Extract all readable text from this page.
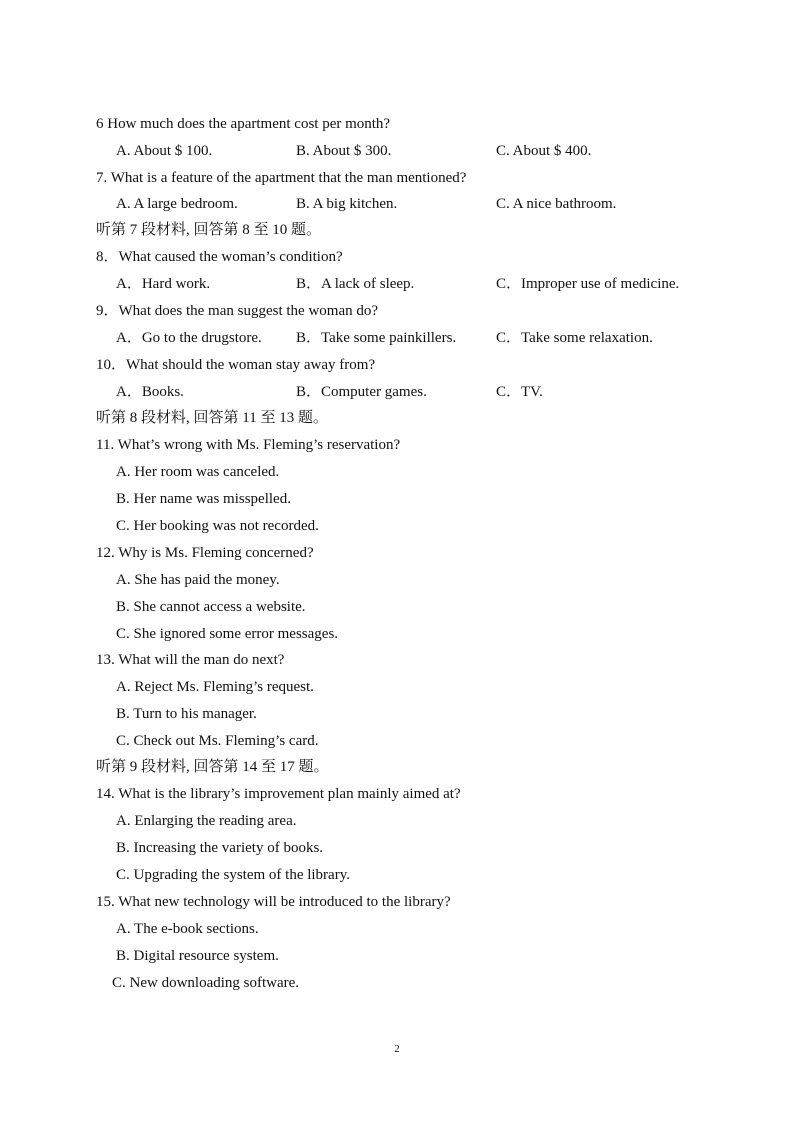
6 How much does the apartment cost per month?
A. About $ 100.	B. About $ 300.	C. About $ 400.
7. What is a feature of the apartment that the man mentioned?
A. A large bedroom.	B. A big kitchen.	C. A nice bathroom.
听第 7 段材料, 回答第 8 至 10 题。
8．What caused the woman’s condition?
A．Hard work.	B．A lack of sleep.	C．Improper use of medicine.
9．What does the man suggest the woman do?
A．Go to the drugstore. B．Take some painkillers.	C．Take some relaxation.
10．What should the woman stay away from?
A．Books.	B．Computer games.	C．TV.
听第 8 段材料, 回答第 11 至 13 题。
11. What’s wrong with Ms. Fleming’s reservation?
A. Her room was canceled.
B. Her name was misspelled.
C. Her booking was not recorded.
12. Why is Ms. Fleming concerned?
A. She has paid the money.
B. She cannot access a website.
C. She ignored some error messages.
13. What will the man do next?
A. Reject Ms. Fleming’s request.
B. Turn to his manager.
C. Check out Ms. Fleming’s card.
听第 9 段材料, 回答第 14 至 17 题。
14. What is the library’s improvement plan mainly aimed at?
A. Enlarging the reading area.
B. Increasing the variety of books.
C. Upgrading the system of the library.
15. What new technology will be introduced to the library?
A. The e-book sections.
B. Digital resource system.
C. New downloading software.
2
